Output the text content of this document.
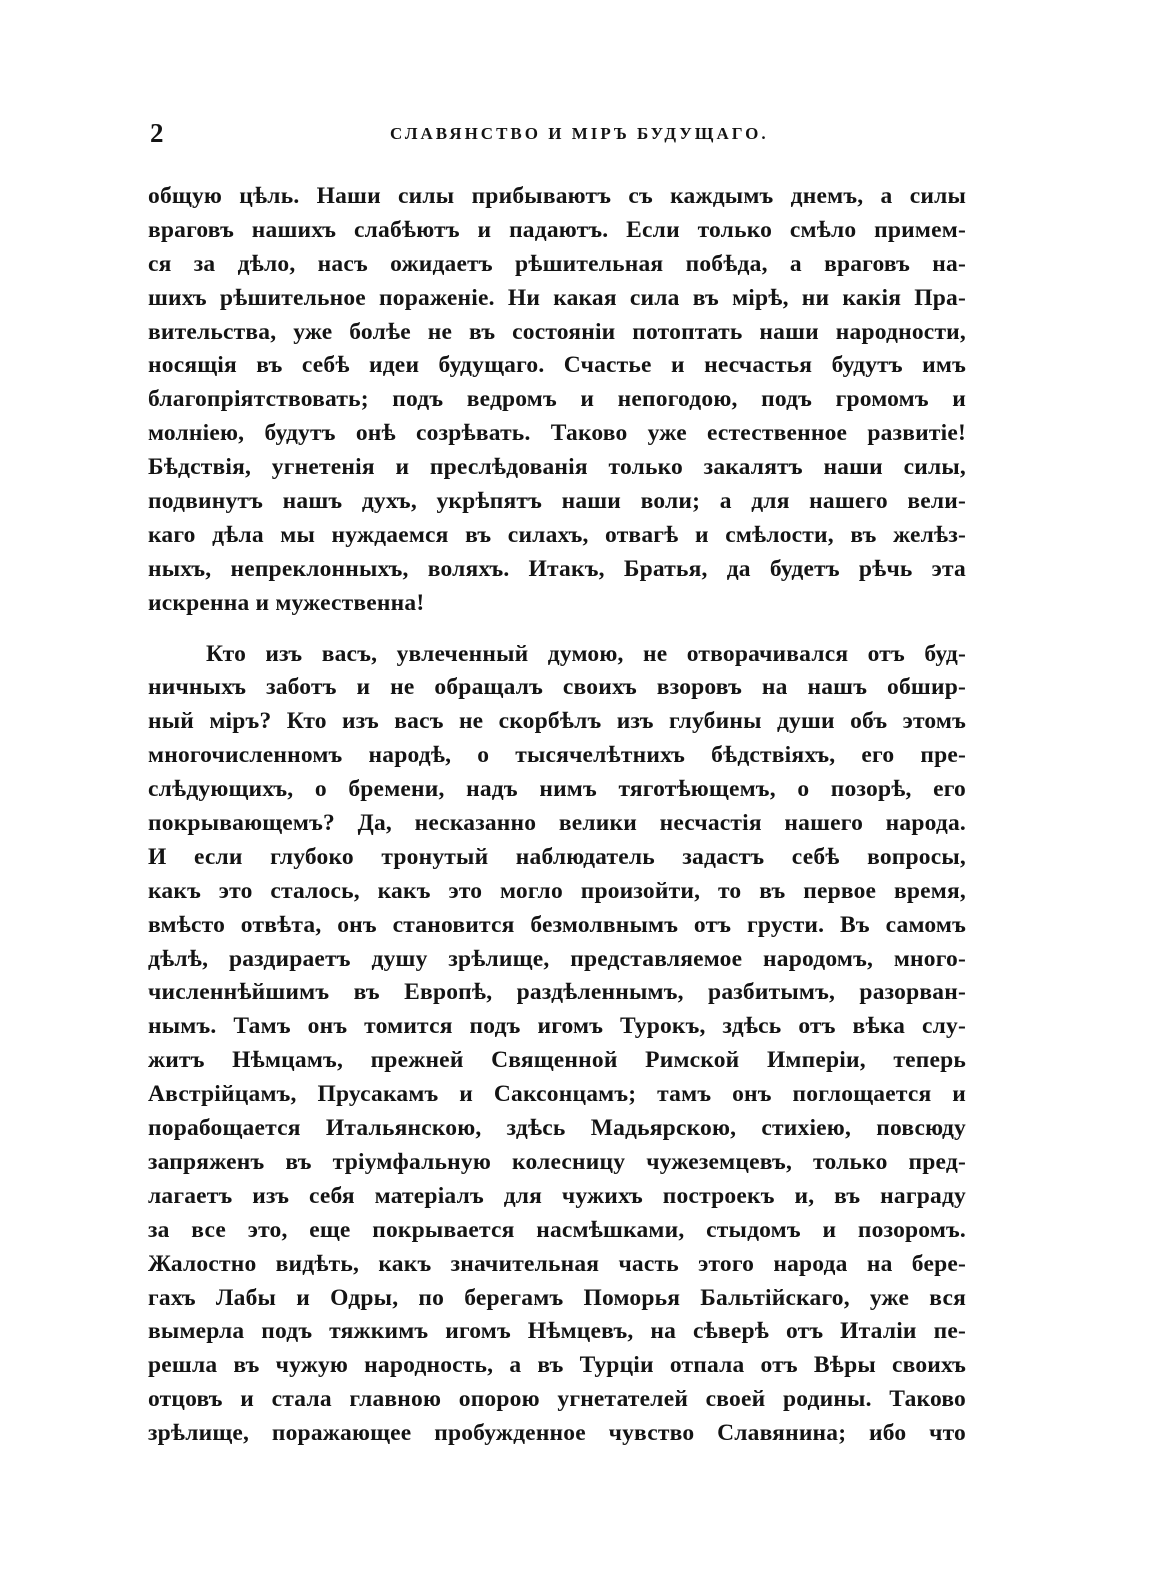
2	СЛАВЯНСТВО И МIРЪ БУДУЩАГО.
общую цѣль. Наши силы прибываютъ съ каждымъ днемъ, а силы
враговъ нашихъ слабѣютъ и падаютъ. Если только смѣло примем-
ся за дѣло, насъ ожидаетъ рѣшительная побѣда, а враговъ на-
шихъ рѣшительное пораженіе. Ни какая сила въ мірѣ, ни какія Пра-
вительства, уже болѣе не въ состояніи потоптать наши народности,
носящія въ себѣ идеи будущаго. Счастье и несчастья будутъ имъ
благопріятствовать; подъ ведромъ и непогодою, подъ громомъ и
молніею, будутъ онѣ созрѣвать. Таково уже естественное развитіе!
Бѣдствія, угнетенія и преслѣдованія только закалятъ наши силы,
подвинутъ нашъ духъ, укрѣпятъ наши воли; а для нашего вели-
каго дѣла мы нуждаемся въ силахъ, отвагѣ и смѣлости, въ желѣз-
ныхъ, непреклонныхъ, воляхъ. Итакъ, Братья, да будетъ рѣчь эта
искренна и мужественна!
Кто изъ васъ, увлеченный думою, не отворачивался отъ буд-
ничныхъ заботъ и не обращалъ своихъ взоровъ на нашъ обшир-
ный міръ? Кто изъ васъ не скорбѣлъ изъ глубины души объ этомъ
многочисленномъ народѣ, о тысячелѣтнихъ бѣдствіяхъ, его пре-
слѣдующихъ, о бремени, надъ нимъ тяготѣющемъ, о позорѣ, его
покрывающемъ? Да, несказанно велики несчастія нашего народа.
И если глубоко тронутый наблюдатель задастъ себѣ вопросы,
какъ это сталось, какъ это могло произойти, то въ первое время,
вмѣсто отвѣта, онъ становится безмолвнымъ отъ грусти. Въ самомъ
дѣлѣ, раздираетъ душу зрѣлище, представляемое народомъ, много-
численнѣйшимъ въ Европѣ, раздѣленнымъ, разбитымъ, разорван-
нымъ. Тамъ онъ томится подъ игомъ Турокъ, здѣсь отъ вѣка слу-
житъ Нѣмцамъ, прежней Священной Римской Имперіи, теперь
Австрійцамъ, Прусакамъ и Саксонцамъ; тамъ онъ поглощается и
порабощается Итальянскою, здѣсь Мадьярскою, стихіею, повсюду
запряженъ въ тріумфальную колесницу чужеземцевъ, только пред-
лагаетъ изъ себя матеріалъ для чужихъ построекъ и, въ награду
за все это, еще покрывается насмѣшками, стыдомъ и позоромъ.
Жалостно видѣть, какъ значительная часть этого народа на бере-
гахъ Лабы и Одры, по берегамъ Поморья Бальтійскаго, уже вся
вымерла подъ тяжкимъ игомъ Нѣмцевъ, на сѣверѣ отъ Италіи пе-
решла въ чужую народность, а въ Турціи отпала отъ Вѣры своихъ
отцовъ и стала главною опорою угнетателей своей родины. Таково
зрѣлище, поражающее пробужденное чувство Славянина; ибо что
